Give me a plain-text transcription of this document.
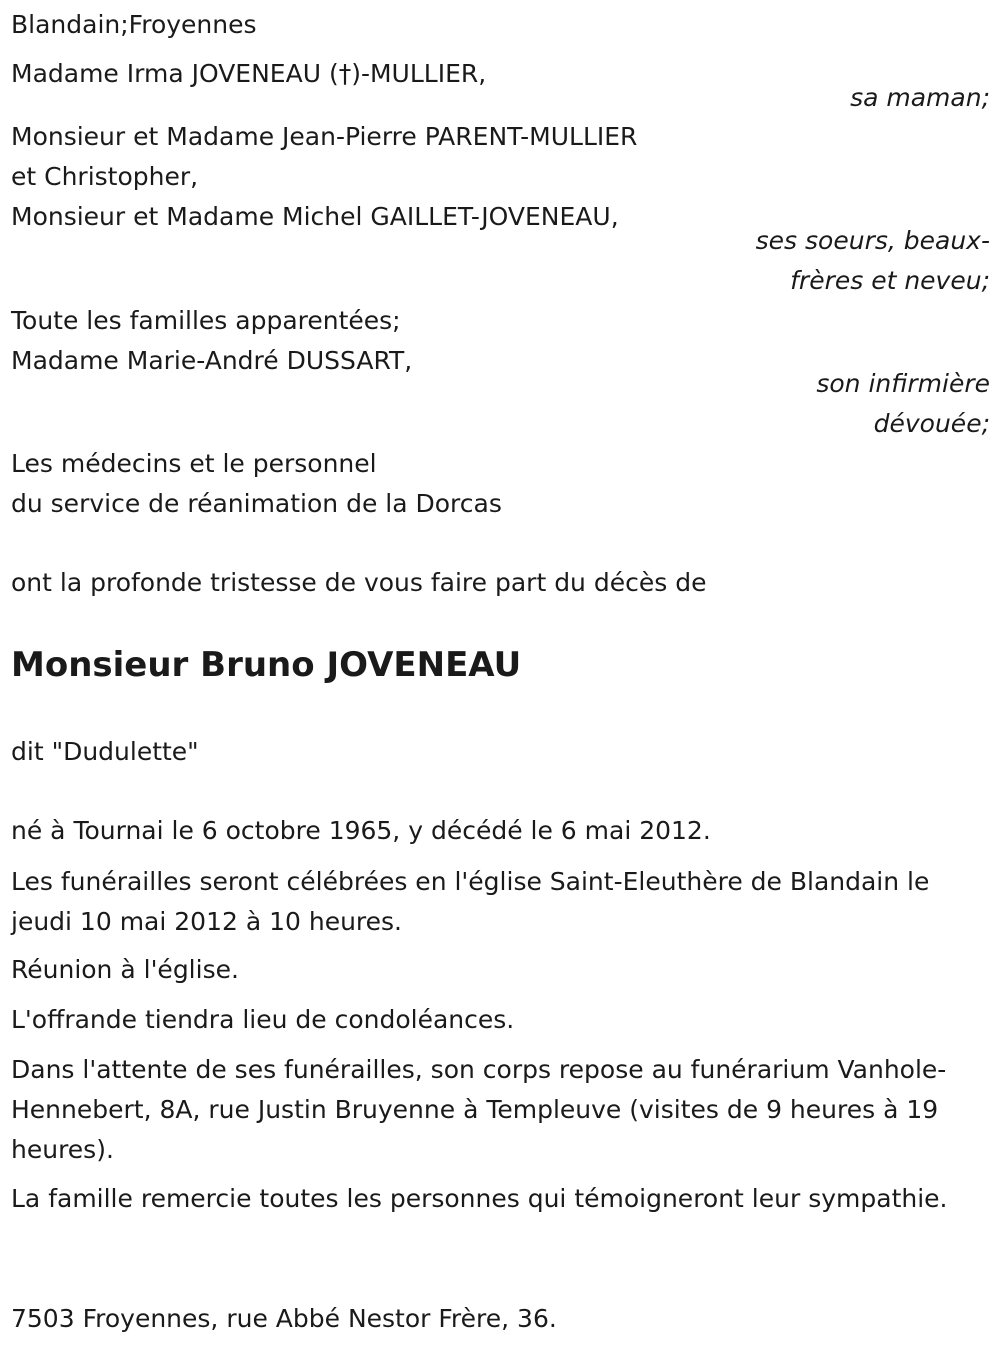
Blandain;Froyennes

Madame Irma JOVENEAU (†)-MULLIER,

sa maman;

Monsieur et Madame Jean-Pierre PARENT-MULLIER

et Christopher,

Monsieur et Madame Michel GAILLET-JOVENEAU,

ses soeurs, beaux-

frères et neveu;

Toute les familles apparentées;

Madame Marie-André DUSSART,

son infirmière

dévouée;

Les médecins et le personnel

du service de réanimation de la Dorcas

ont la profonde tristesse de vous faire part du décès de

Monsieur Bruno JOVENEAU

dit "Dudulette"

né à Tournai le 6 octobre 1965, y décédé le 6 mai 2012.

Les funérailles seront célébrées en l'église Saint-Eleuthère de Blandain le jeudi 10 mai 2012 à 10 heures.

Réunion à l'église.

L'offrande tiendra lieu de condoléances.

Dans l'attente de ses funérailles, son corps repose au funérarium Vanhole-Hennebert, 8A, rue Justin Bruyenne à Templeuve (visites de 9 heures à 19 heures).

La famille remercie toutes les personnes qui témoigneront leur sympathie.

7503 Froyennes, rue Abbé Nestor Frère, 36.
